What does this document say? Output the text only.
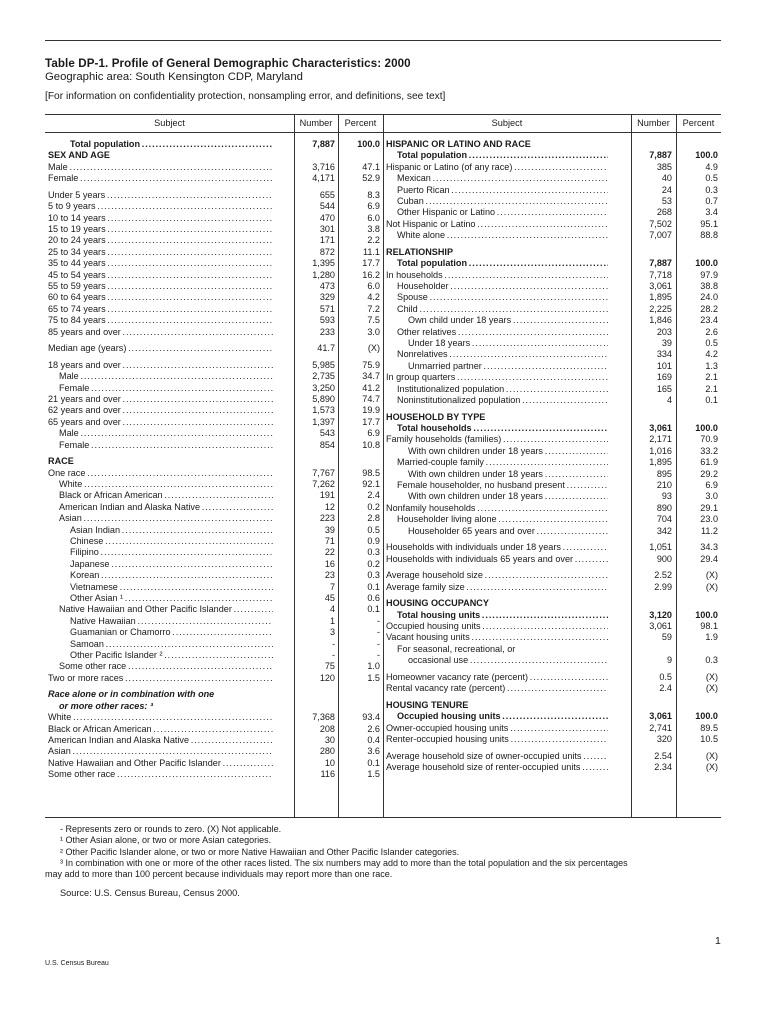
Table DP-1. Profile of General Demographic Characteristics: 2000
Geographic area: South Kensington CDP, Maryland
[For information on confidentiality protection, nonsampling error, and definitions, see text]
Subject	Number	Percent	Subject	Number	Percent
Total population . . .	7,887	100.0
SEX AND AGE
Male . . .	3,716	47.1
Female . . .	4,171	52.9
Under 5 years . . .	655	8.3
5 to 9 years . . .	544	6.9
10 to 14 years . . .	470	6.0
15 to 19 years . . .	301	3.8
20 to 24 years . . .	171	2.2
25 to 34 years . . .	872	11.1
35 to 44 years . . .	1,395	17.7
45 to 54 years . . .	1,280	16.2
55 to 59 years . . .	473	6.0
60 to 64 years . . .	329	4.2
65 to 74 years . . .	571	7.2
75 to 84 years . . .	593	7.5
85 years and over . . .	233	3.0
Median age (years) . . .	41.7	(X)
18 years and over . . .	5,985	75.9
Male . . .	2,735	34.7
Female . . .	3,250	41.2
21 years and over . . .	5,890	74.7
62 years and over . . .	1,573	19.9
65 years and over . . .	1,397	17.7
Male . . .	543	6.9
Female . . .	854	10.8
RACE
One race . . .	7,767	98.5
White . . .	7,262	92.1
Black or African American . . .	191	2.4
American Indian and Alaska Native . . .	12	0.2
Asian . . .	223	2.8
Asian Indian . . .	39	0.5
Chinese . . .	71	0.9
Filipino . . .	22	0.3
Japanese . . .	16	0.2
Korean . . .	23	0.3
Vietnamese . . .	7	0.1
Other Asian ¹ . . .	45	0.6
Native Hawaiian and Other Pacific Islander . . .	4	0.1
Native Hawaiian . . .	1	-
Guamanian or Chamorro . . .	3	-
Samoan . . .	-	-
Other Pacific Islander ² . . .	-	-
Some other race . . .	75	1.0
Two or more races . . .	120	1.5
Race alone or in combination with one
or more other races: ³
White . . .	7,368	93.4
Black or African American . . .	208	2.6
American Indian and Alaska Native . . .	30	0.4
Asian . . .	280	3.6
Native Hawaiian and Other Pacific Islander . . .	10	0.1
Some other race . . .	116	1.5
HISPANIC OR LATINO AND RACE
Total population . . .	7,887	100.0
Hispanic or Latino (of any race) . . .	385	4.9
Mexican . . .	40	0.5
Puerto Rican . . .	24	0.3
Cuban . . .	53	0.7
Other Hispanic or Latino . . .	268	3.4
Not Hispanic or Latino . . .	7,502	95.1
White alone . . .	7,007	88.8
RELATIONSHIP
Total population . . .	7,887	100.0
In households . . .	7,718	97.9
Householder . . .	3,061	38.8
Spouse . . .	1,895	24.0
Child . . .	2,225	28.2
Own child under 18 years . . .	1,846	23.4
Other relatives . . .	203	2.6
Under 18 years . . .	39	0.5
Nonrelatives . . .	334	4.2
Unmarried partner . . .	101	1.3
In group quarters . . .	169	2.1
Institutionalized population . . .	165	2.1
Noninstitutionalized population . . .	4	0.1
HOUSEHOLD BY TYPE
Total households . . .	3,061	100.0
Family households (families) . . .	2,171	70.9
With own children under 18 years . . .	1,016	33.2
Married-couple family . . .	1,895	61.9
With own children under 18 years . . .	895	29.2
Female householder, no husband present . . .	210	6.9
With own children under 18 years . . .	93	3.0
Nonfamily households . . .	890	29.1
Householder living alone . . .	704	23.0
Householder 65 years and over . . .	342	11.2
Households with individuals under 18 years . . .	1,051	34.3
Households with individuals 65 years and over . . .	900	29.4
Average household size . . .	2.52	(X)
Average family size . . .	2.99	(X)
HOUSING OCCUPANCY
Total housing units . . .	3,120	100.0
Occupied housing units . . .	3,061	98.1
Vacant housing units . . .	59	1.9
For seasonal, recreational, or
occasional use . . .	9	0.3
Homeowner vacancy rate (percent) . . .	0.5	(X)
Rental vacancy rate (percent) . . .	2.4	(X)
HOUSING TENURE
Occupied housing units . . .	3,061	100.0
Owner-occupied housing units . . .	2,741	89.5
Renter-occupied housing units . . .	320	10.5
Average household size of owner-occupied units . . .	2.54	(X)
Average household size of renter-occupied units . . .	2.34	(X)
- Represents zero or rounds to zero. (X) Not applicable.
¹ Other Asian alone, or two or more Asian categories.
² Other Pacific Islander alone, or two or more Native Hawaiian and Other Pacific Islander categories.
³ In combination with one or more of the other races listed. The six numbers may add to more than the total population and the six percentages
may add to more than 100 percent because individuals may report more than one race.
Source: U.S. Census Bureau, Census 2000.
1
U.S. Census Bureau
